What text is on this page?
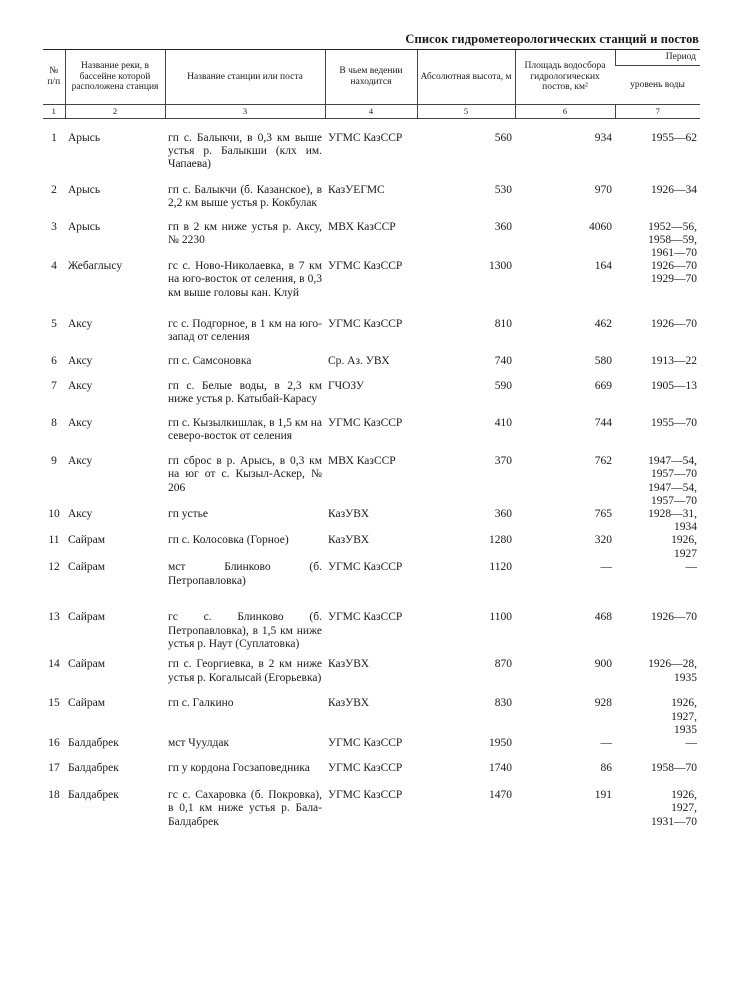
Список гидрометеорологических станций и постов
№ п/п	Название реки, в бассейне которой расположена станция	Название станции или поста	В чьем ведении находится	Абсолютная высота, м	Площадь водосбора гидрологических постов, км²	Период
						уровень воды
1	2	3	4	5	6	7
1	Арысь	гп с. Балыкчи, в 0,3 км выше устья р. Балыкши (клх им. Чапаева)	УГМС КазССР	560	934	1955—62

2	Арысь	гп с. Балыкчи (б. Казанское), в 2,2 км выше устья р. Кокбулак	КазУЕГМС	530	970	1926—34

3	Арысь	гп в 2 км ниже устья р. Аксу, № 2230	МВХ КазССР	360	4060	1952—56,
1958—59,
1961—70

4	Жебаглысу	гс с. Ново-Николаевка, в 7 км на юго-восток от селения, в 0,3 км выше головы кан. Клуй	УГМС КазССР	1300	164	1926—70
1929—70

5	Аксу	гс с. Подгорное, в 1 км на юго-запад от селения	УГМС КазССР	810	462	1926—70

6	Аксу	гп с. Самсоновка	Ср. Аз. УВХ	740	580	1913—22

7	Аксу	гп с. Белые воды, в 2,3 км ниже устья р. Катыбай-Карасу	ГЧОЗУ	590	669	1905—13

8	Аксу	гп с. Кызылкишлак, в 1,5 км на северо-восток от селения	УГМС КазССР	410	744	1955—70

9	Аксу	гп сброс в р. Арысь, в 0,3 км на юг от с. Кызыл-Аскер, № 206	МВХ КазССР	370	762	1947—54,
1957—70
1947—54,
1957—70

10	Аксу	гп устье	КазУВХ	360	765	1928—31,
1934

11	Сайрам	гп с. Колосовка (Горное)	КазУВХ	1280	320	1926,
1927

12	Сайрам	мст Блинково (б. Петропавловка)	УГМС КазССР	1120	—	—

13	Сайрам	гс с. Блинково (б. Петропавловка), в 1,5 км ниже устья р. Наут (Суплатовка)	УГМС КазССР	1100	468	1926—70

14	Сайрам	гп с. Георгиевка, в 2 км ниже устья р. Когалысай (Егорьевка)	КазУВХ	870	900	1926—28,
1935

15	Сайрам	гп с. Галкино	КазУВХ	830	928	1926,
1927,
1935

16	Балдабрек	мст Чуулдак	УГМС КазССР	1950	—	—

17	Балдабрек	гп у кордона Госзаповедника	УГМС КазССР	1740	86	1958—70

18	Балдабрек	гс с. Сахаровка (б. Покровка), в 0,1 км ниже устья р. Бала-Балдабрек	УГМС КазССР	1470	191	1926,
1927,
1931—70
